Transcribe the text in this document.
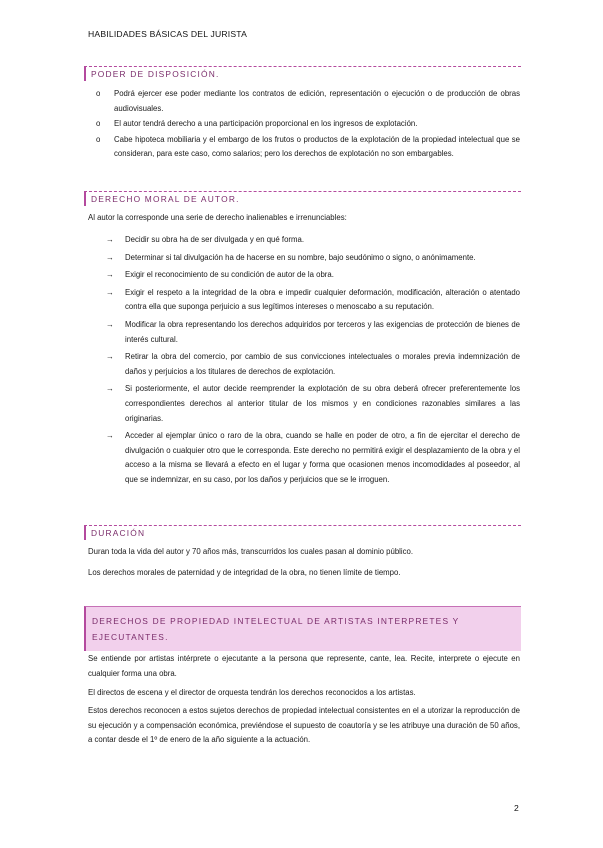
HABILIDADES BÁSICAS DEL JURISTA
PODER DE DISPOSICIÓN.
o Podrá ejercer ese poder mediante los contratos de edición, representación o ejecución o de producción de obras audiovisuales.
o El autor tendrá derecho a una participación proporcional en los ingresos de explotación.
o Cabe hipoteca mobiliaria y el embargo de los frutos o productos de la explotación de la propiedad intelectual que se consideran, para este caso, como salarios; pero los derechos de explotación no son embargables.
DERECHO MORAL DE AUTOR.

Al autor la corresponde una serie de derecho inalienables e irrenunciables:

→ Decidir su obra ha de ser divulgada y en qué forma.
→ Determinar si tal divulgación ha de hacerse en su nombre, bajo seudónimo o signo, o anónimamente.
→ Exigir el reconocimiento de su condición de autor de la obra.
→ Exigir el respeto a la integridad de la obra e impedir cualquier deformación, modificación, alteración o atentado contra ella que suponga perjuicio a sus legítimos intereses o menoscabo a su reputación.
→ Modificar la obra representando los derechos adquiridos por terceros y las exigencias de protección de bienes de interés cultural.
→ Retirar la obra del comercio, por cambio de sus convicciones intelectuales o morales previa indemnización de daños y perjuicios a los titulares de derechos de explotación.
→ Si posteriormente, el autor decide reemprender la explotación de su obra deberá ofrecer preferentemente los correspondientes derechos al anterior titular de los mismos y en condiciones razonables similares a las originarias.
→ Acceder al ejemplar único o raro de la obra, cuando se halle en poder de otro, a fin de ejercitar el derecho de divulgación o cualquier otro que le corresponda. Este derecho no permitirá exigir el desplazamiento de la obra y el acceso a la misma se llevará a efecto en el lugar y forma que ocasionen menos incomodidades al poseedor, al que se indemnizar, en su caso, por los daños y perjuicios que se le irroguen.
DURACIÓN

Duran toda la vida del autor y 70 años más, transcurridos los cuales pasan al dominio público.

Los derechos morales de paternidad y de integridad de la obra, no tienen límite de tiempo.

DERECHOS DE PROPIEDAD INTELECTUAL DE ARTISTAS INTERPRETES Y EJECUTANTES.

Se entiende por artistas intérprete o ejecutante a la persona que represente, cante, lea. Recite, interprete o ejecute en cualquier forma una obra.

El directos de escena y el director de orquesta tendrán los derechos reconocidos a los artistas.

Estos derechos reconocen a estos sujetos derechos de propiedad intelectual consistentes en el a utorizar la reproducción de su ejecución y a compensación económica, previéndose el supuesto de coautoría y se les atribuye una duración de 50 años, a contar desde el 1º de enero de la año siguiente a la actuación.

2
